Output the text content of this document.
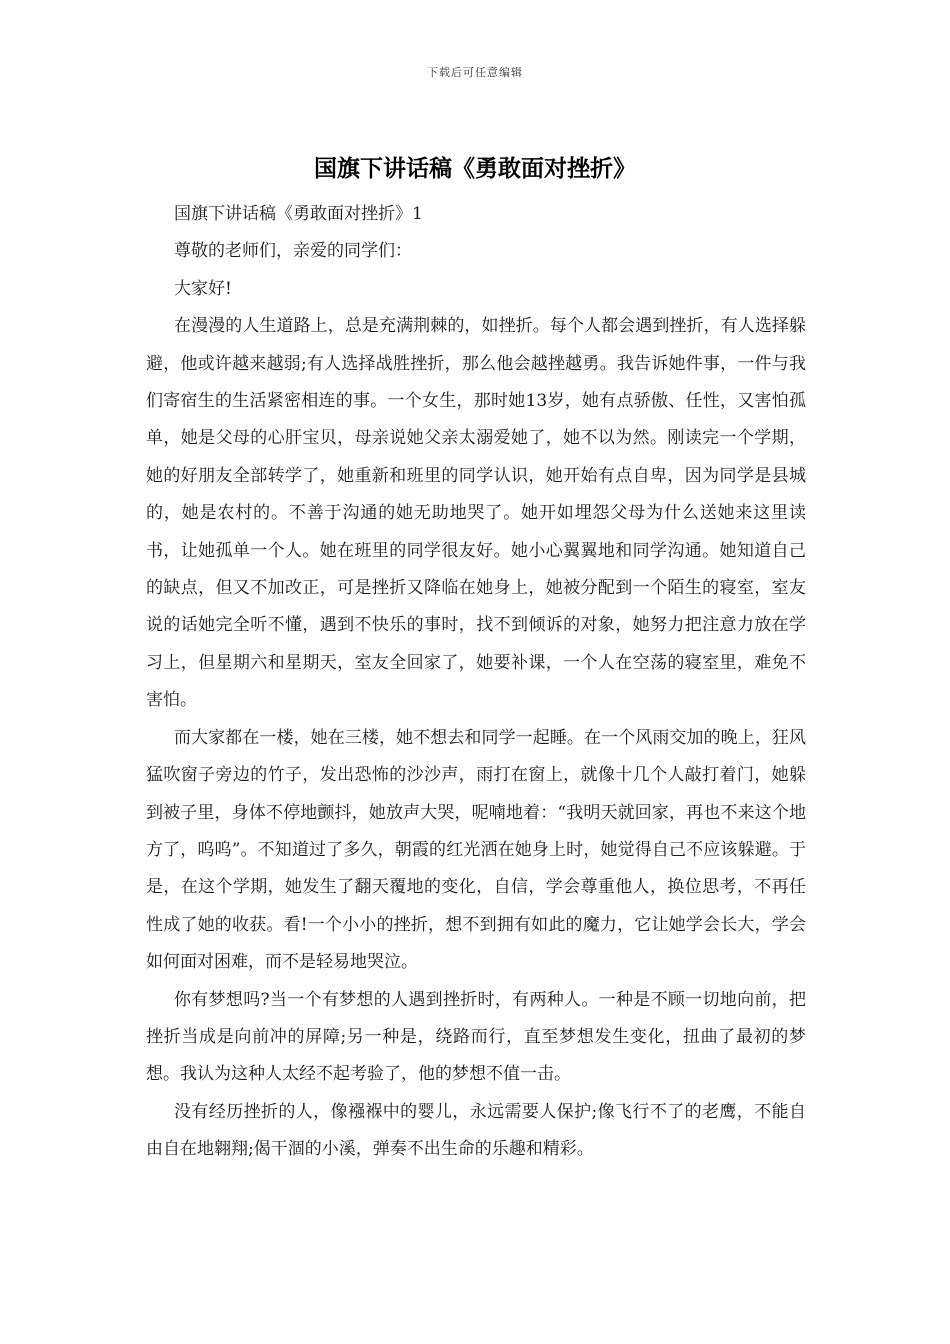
下载后可任意编辑
国旗下讲话稿《勇敢面对挫折》

国旗下讲话稿《勇敢面对挫折》1

尊敬的老师们，亲爱的同学们：

大家好!

在漫漫的人生道路上，总是充满荆棘的，如挫折。每个人都会遇到挫折，有人选择躲避，他或许越来越弱;有人选择战胜挫折，那么他会越挫越勇。我告诉她件事，一件与我们寄宿生的生活紧密相连的事。一个女生，那时她13岁，她有点骄傲、任性，又害怕孤单，她是父母的心肝宝贝，母亲说她父亲太溺爱她了，她不以为然。刚读完一个学期，她的好朋友全部转学了，她重新和班里的同学认识，她开始有点自卑，因为同学是县城的，她是农村的。不善于沟通的她无助地哭了。她开如埋怨父母为什么送她来这里读书，让她孤单一个人。她在班里的同学很友好。她小心翼翼地和同学沟通。她知道自己的缺点，但又不加改正，可是挫折又降临在她身上，她被分配到一个陌生的寝室，室友说的话她完全听不懂，遇到不快乐的事时，找不到倾诉的对象，她努力把注意力放在学习上，但星期六和星期天，室友全回家了，她要补课，一个人在空荡的寝室里，难免不害怕。

而大家都在一楼，她在三楼，她不想去和同学一起睡。在一个风雨交加的晚上，狂风猛吹窗子旁边的竹子，发出恐怖的沙沙声，雨打在窗上，就像十几个人敲打着门，她躲到被子里，身体不停地颤抖，她放声大哭，呢喃地着：“我明天就回家，再也不来这个地方了，呜呜”。不知道过了多久，朝霞的红光洒在她身上时，她觉得自己不应该躲避。于是，在这个学期，她发生了翻天覆地的变化，自信，学会尊重他人，换位思考，不再任性成了她的收获。看!一个小小的挫折，想不到拥有如此的魔力，它让她学会长大，学会如何面对困难，而不是轻易地哭泣。

你有梦想吗?当一个有梦想的人遇到挫折时，有两种人。一种是不顾一切地向前，把挫折当成是向前冲的屏障;另一种是，绕路而行，直至梦想发生变化，扭曲了最初的梦想。我认为这种人太经不起考验了，他的梦想不值一击。

没有经历挫折的人，像襁褓中的婴儿，永远需要人保护;像飞行不了的老鹰，不能自由自在地翱翔;偈干涸的小溪，弹奏不出生命的乐趣和精彩。
